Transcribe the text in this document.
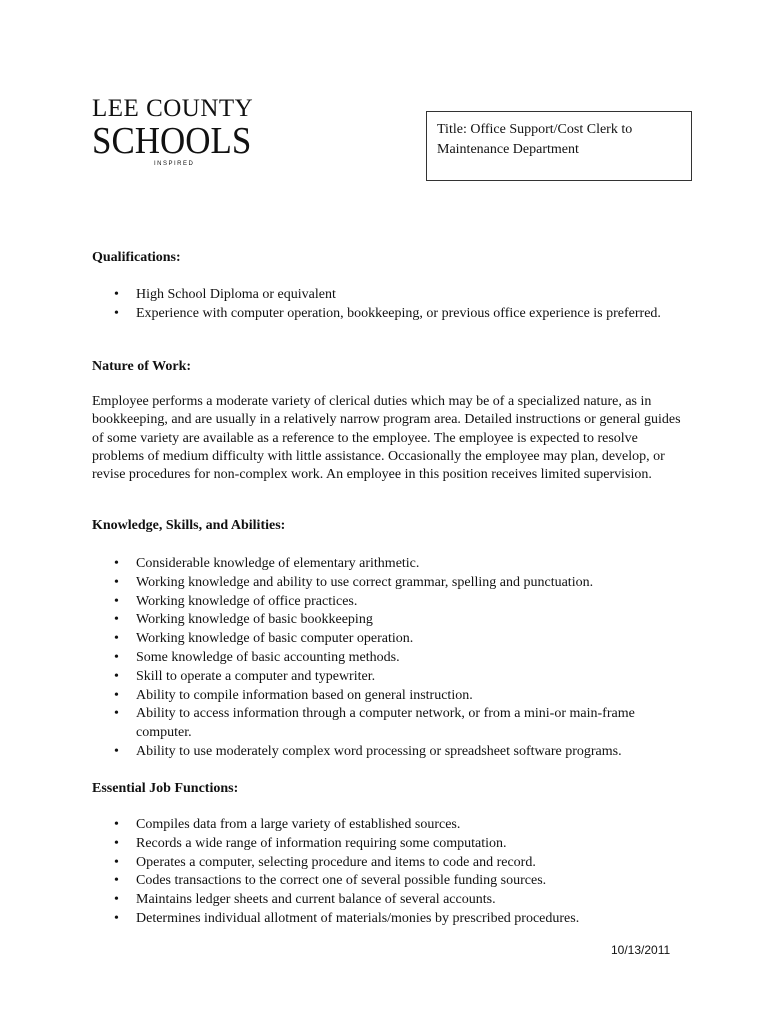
LEE COUNTY
SCHOOLS
INSPIRED
Title: Office Support/Cost Clerk to Maintenance Department
Qualifications:
• High School Diploma or equivalent
• Experience with computer operation, bookkeeping, or previous office experience is preferred.
Nature of Work:

Employee performs a moderate variety of clerical duties which may be of a specialized nature, as in bookkeeping, and are usually in a relatively narrow program area. Detailed instructions or general guides of some variety are available as a reference to the employee. The employee is expected to resolve problems of medium difficulty with little assistance. Occasionally the employee may plan, develop, or revise procedures for non-complex work. An employee in this position receives limited supervision.

Knowledge, Skills, and Abilities:
• Considerable knowledge of elementary arithmetic.
• Working knowledge and ability to use correct grammar, spelling and punctuation.
• Working knowledge of office practices.
• Working knowledge of basic bookkeeping
• Working knowledge of basic computer operation.
• Some knowledge of basic accounting methods.
• Skill to operate a computer and typewriter.
• Ability to compile information based on general instruction.
• Ability to access information through a computer network, or from a mini-or main-frame computer.
• Ability to use moderately complex word processing or spreadsheet software programs.
Essential Job Functions:
• Compiles data from a large variety of established sources.
• Records a wide range of information requiring some computation.
• Operates a computer, selecting procedure and items to code and record.
• Codes transactions to the correct one of several possible funding sources.
• Maintains ledger sheets and current balance of several accounts.
• Determines individual allotment of materials/monies by prescribed procedures.
10/13/2011
